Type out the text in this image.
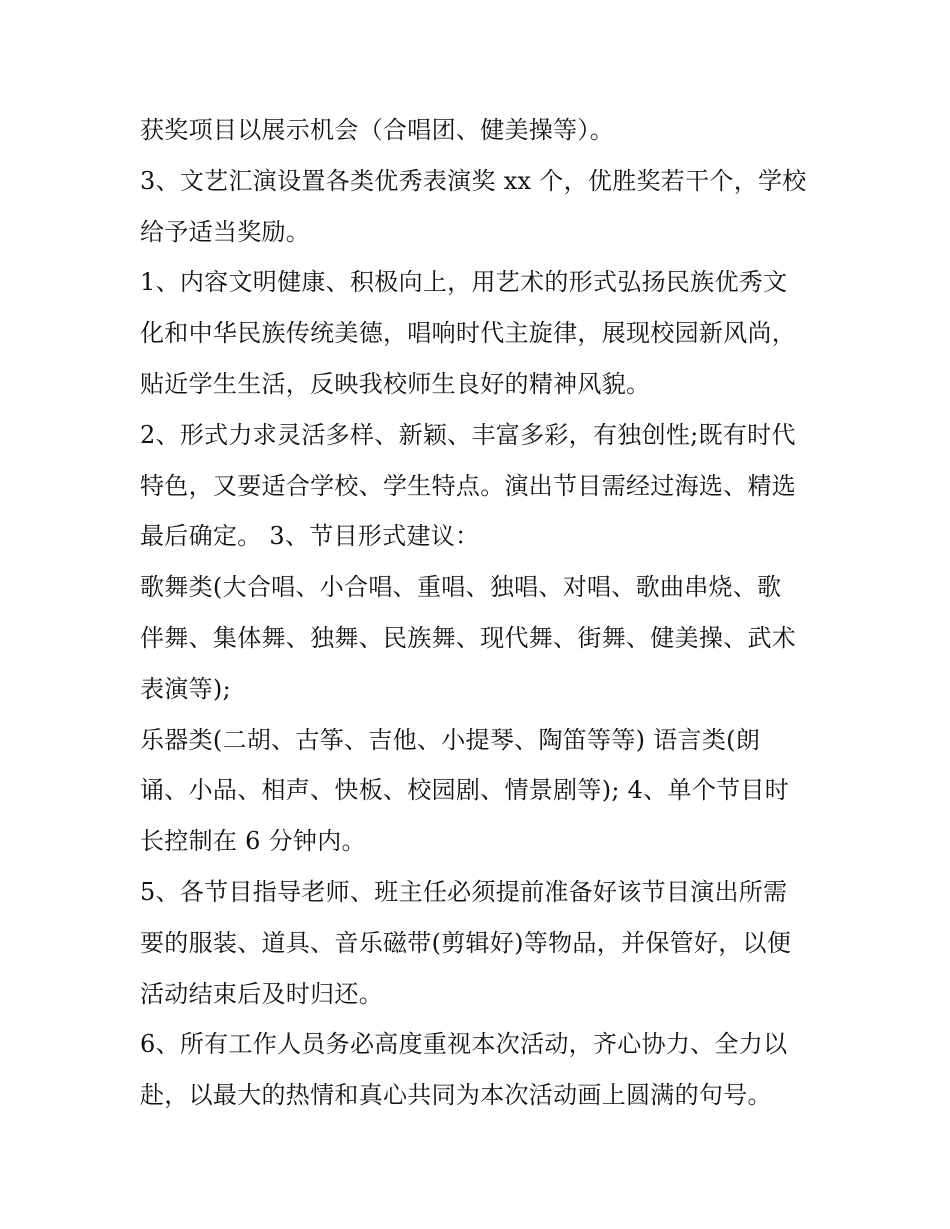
获奖项目以展示机会（合唱团、健美操等）。
3、文艺汇演设置各类优秀表演奖 xx 个，优胜奖若干个，学校
给予适当奖励。
1、内容文明健康、积极向上，用艺术的形式弘扬民族优秀文
化和中华民族传统美德，唱响时代主旋律，展现校园新风尚，
贴近学生生活，反映我校师生良好的精神风貌。
2、形式力求灵活多样、新颖、丰富多彩，有独创性;既有时代
特色，又要适合学校、学生特点。演出节目需经过海选、精选
最后确定。 3、节目形式建议：
歌舞类(大合唱、小合唱、重唱、独唱、对唱、歌曲串烧、歌
伴舞、集体舞、独舞、民族舞、现代舞、街舞、健美操、武术
表演等);
乐器类(二胡、古筝、吉他、小提琴、陶笛等等) 语言类(朗
诵、小品、相声、快板、校园剧、情景剧等); 4、单个节目时
长控制在 6 分钟内。
5、各节目指导老师、班主任必须提前准备好该节目演出所需
要的服装、道具、音乐磁带(剪辑好)等物品，并保管好，以便
活动结束后及时归还。
6、所有工作人员务必高度重视本次活动，齐心协力、全力以
赴，以最大的热情和真心共同为本次活动画上圆满的句号。
